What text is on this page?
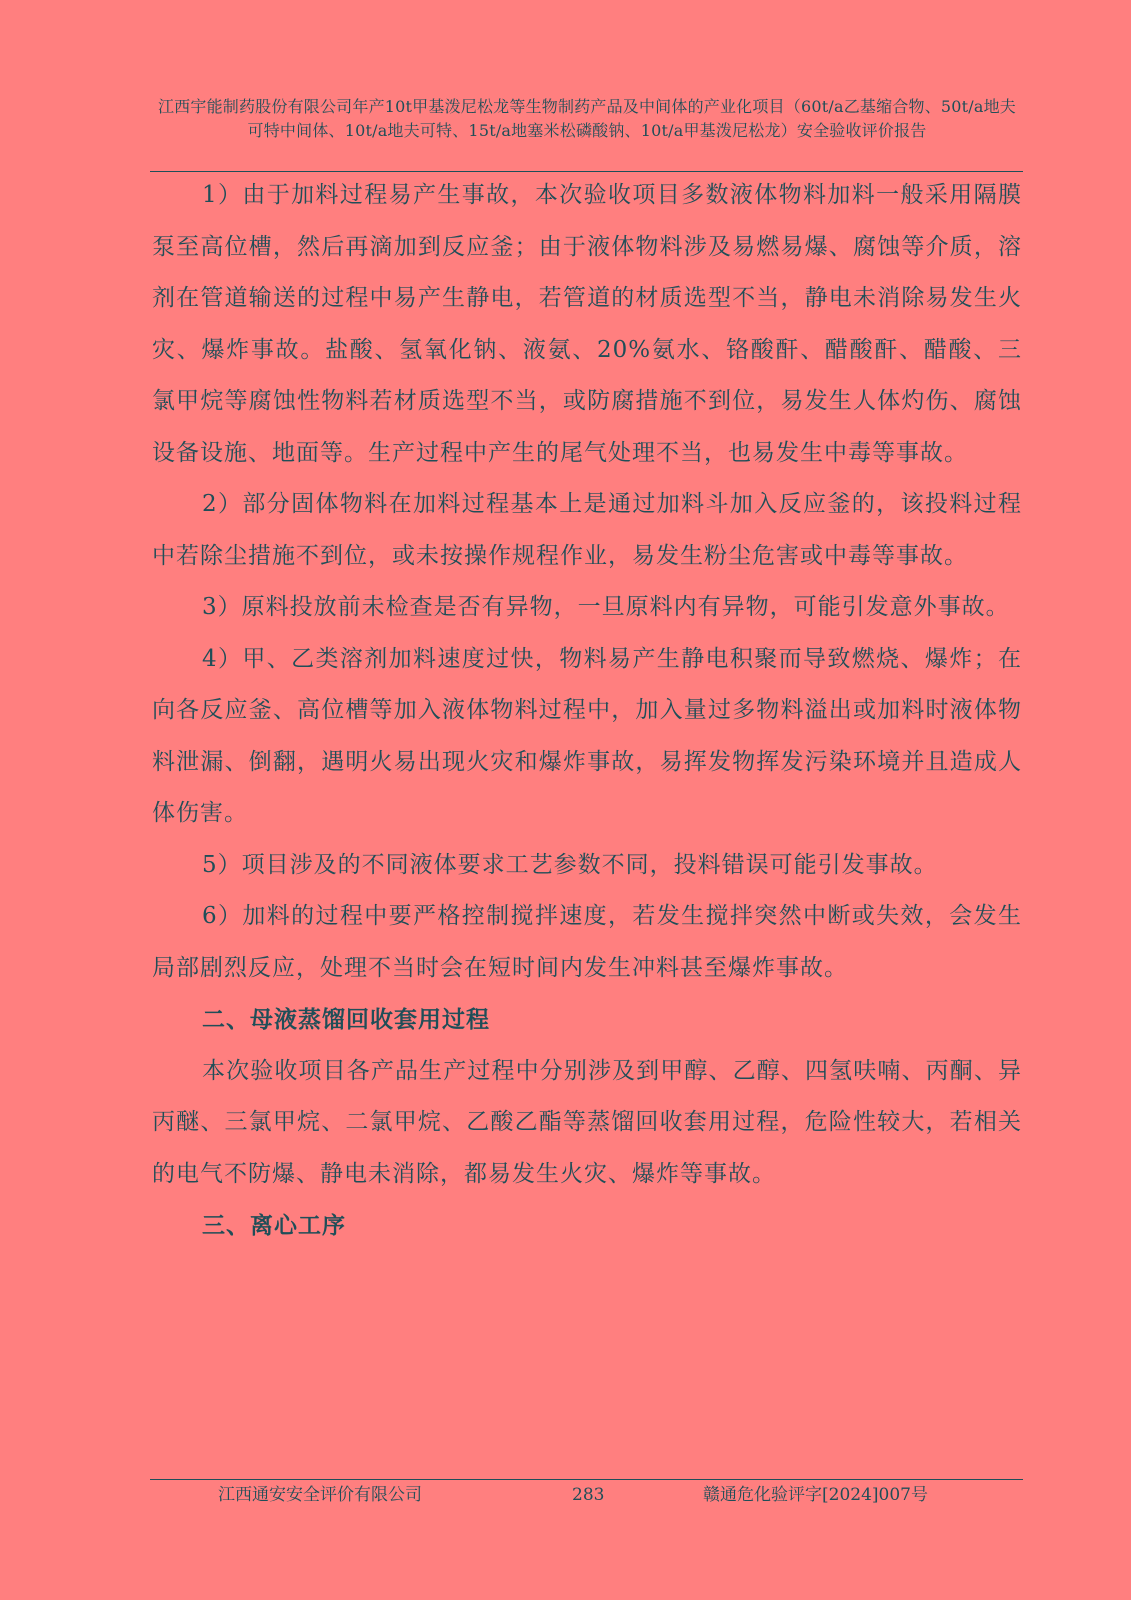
江西宇能制药股份有限公司年产10t甲基泼尼松龙等生物制药产品及中间体的产业化项目（60t/a乙基缩合物、50t/a地夫可特中间体、10t/a地夫可特、15t/a地塞米松磷酸钠、10t/a甲基泼尼松龙）安全验收评价报告

1）由于加料过程易产生事故，本次验收项目多数液体物料加料一般采用隔膜泵至高位槽，然后再滴加到反应釜；由于液体物料涉及易燃易爆、腐蚀等介质，溶剂在管道输送的过程中易产生静电，若管道的材质选型不当，静电未消除易发生火灾、爆炸事故。盐酸、氢氧化钠、液氨、20%氨水、铬酸酐、醋酸酐、醋酸、三氯甲烷等腐蚀性物料若材质选型不当，或防腐措施不到位，易发生人体灼伤、腐蚀设备设施、地面等。生产过程中产生的尾气处理不当，也易发生中毒等事故。

2）部分固体物料在加料过程基本上是通过加料斗加入反应釜的，该投料过程中若除尘措施不到位，或未按操作规程作业，易发生粉尘危害或中毒等事故。

3）原料投放前未检查是否有异物，一旦原料内有异物，可能引发意外事故。

4）甲、乙类溶剂加料速度过快，物料易产生静电积聚而导致燃烧、爆炸；在向各反应釜、高位槽等加入液体物料过程中，加入量过多物料溢出或加料时液体物料泄漏、倒翻，遇明火易出现火灾和爆炸事故，易挥发物挥发污染环境并且造成人体伤害。

5）项目涉及的不同液体要求工艺参数不同，投料错误可能引发事故。

6）加料的过程中要严格控制搅拌速度，若发生搅拌突然中断或失效，会发生局部剧烈反应，处理不当时会在短时间内发生冲料甚至爆炸事故。

二、母液蒸馏回收套用过程

本次验收项目各产品生产过程中分别涉及到甲醇、乙醇、四氢呋喃、丙酮、异丙醚、三氯甲烷、二氯甲烷、乙酸乙酯等蒸馏回收套用过程，危险性较大，若相关的电气不防爆、静电未消除，都易发生火灾、爆炸等事故。

三、离心工序

江西通安安全评价有限公司	283	赣通危化验评字[2024]007号
